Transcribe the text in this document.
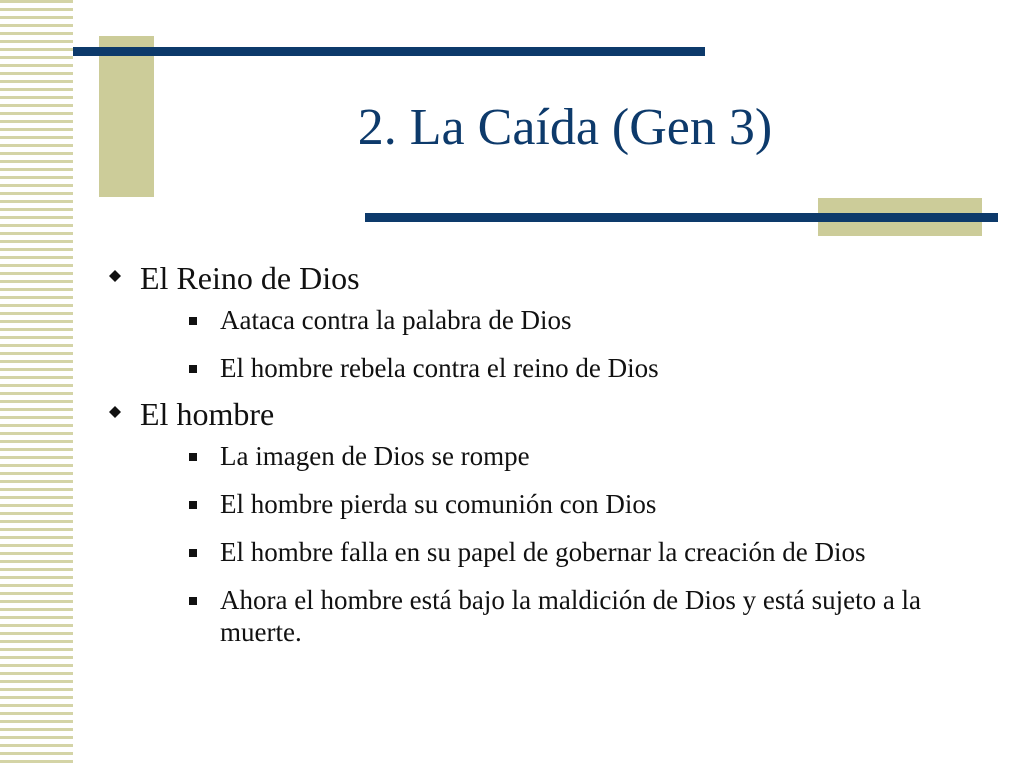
2. La Caída (Gen 3)
El Reino de Dios
Aataca contra la palabra de Dios
El hombre rebela contra el reino de Dios
El hombre
La imagen de Dios se rompe
El hombre pierda su comunión con Dios
El hombre falla en su papel de gobernar la creación de Dios
Ahora el hombre está bajo la maldición de Dios y está sujeto a la muerte.
